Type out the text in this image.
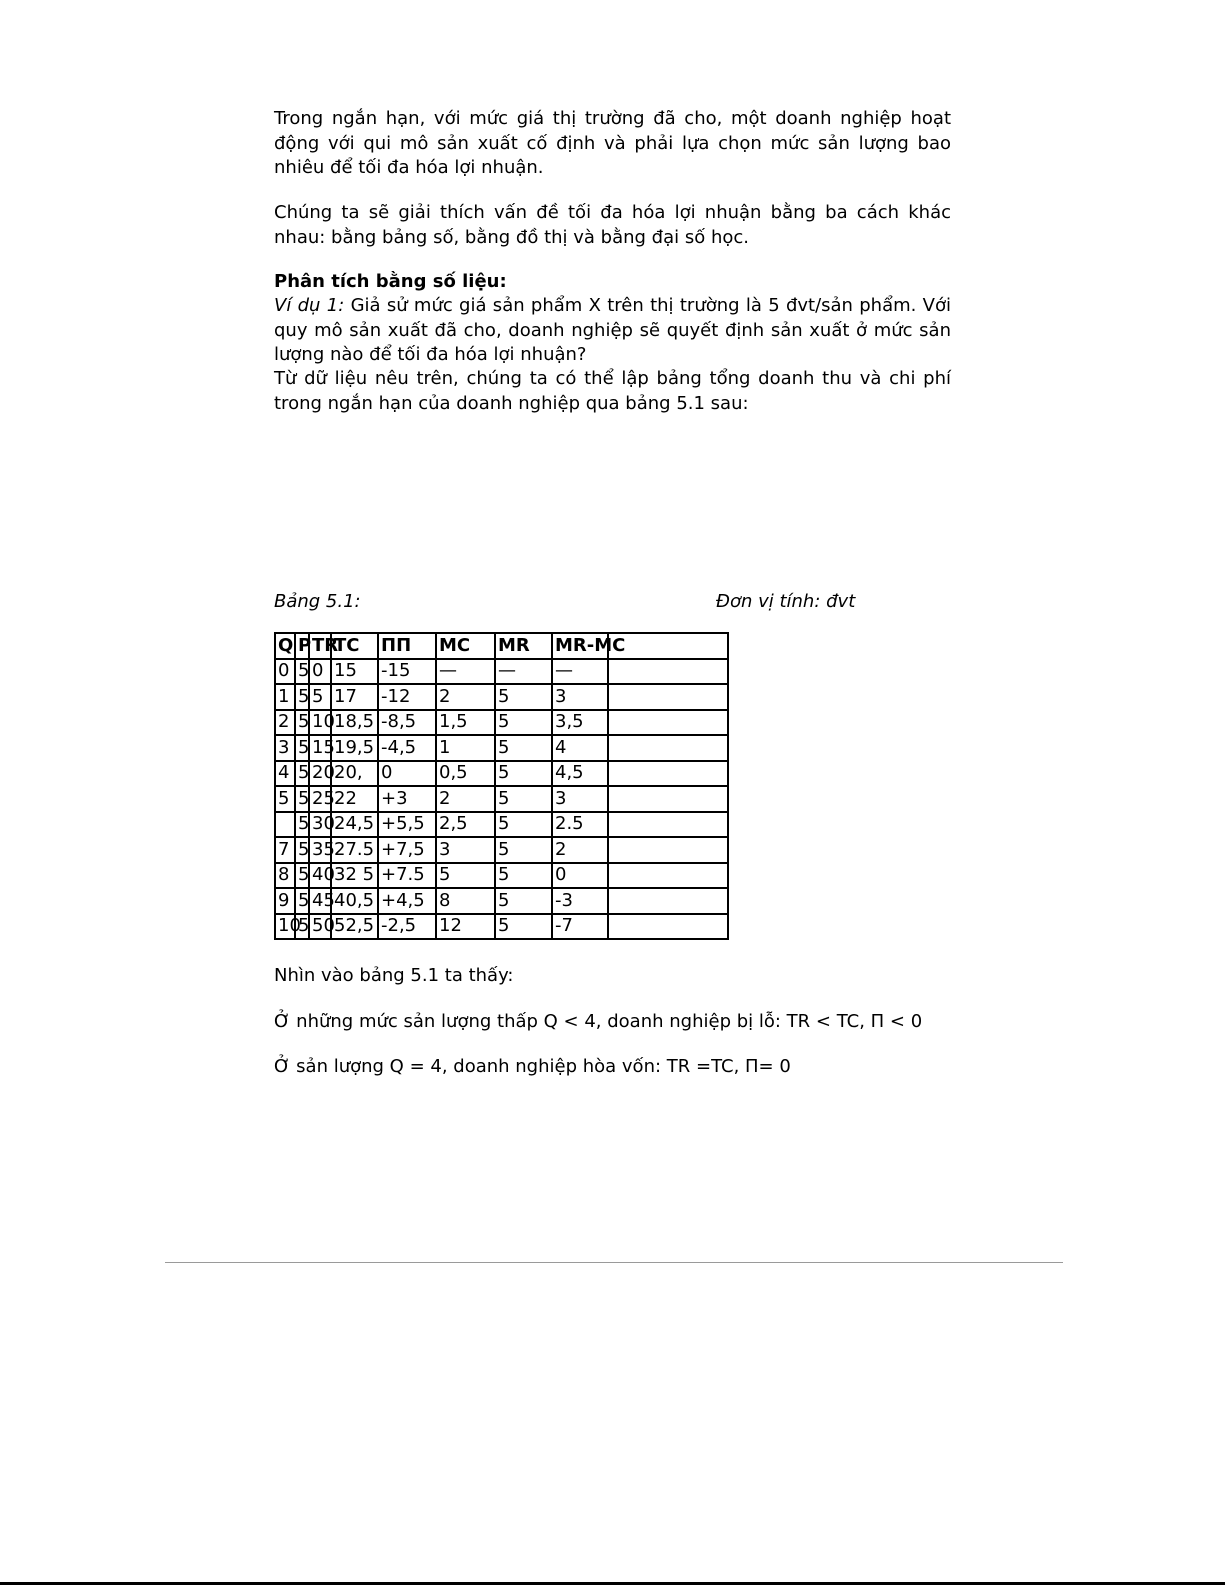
Trong ngắn hạn, với mức giá thị trường đã cho, một doanh nghiệp hoạt động với qui mô sản xuất cố định và phải lựa chọn mức sản lượng bao nhiêu để tối đa hóa lợi nhuận.

Chúng ta sẽ giải thích vấn đề tối đa hóa lợi nhuận bằng ba cách khác nhau: bằng bảng số, bằng đồ thị và bằng đại số học.

Phân tích bằng số liệu:

Ví dụ 1: Giả sử mức giá sản phẩm X trên thị trường là 5 đvt/sản phẩm. Với quy mô sản xuất đã cho, doanh nghiệp sẽ quyết định sản xuất ở mức sản lượng nào để tối đa hóa lợi nhuận?

Từ dữ liệu nêu trên, chúng ta có thể lập bảng tổng doanh thu và chi phí trong ngắn hạn của doanh nghiệp qua bảng 5.1 sau:

Bảng 5.1:	Đơn vị tính: đvt
Q	P	TR	TC	ΠΠ	MC	MR	MR-MC	
0	5	0	15	-15	—	—	—	
1	5	5	17	-12	2	5	3	
2	5	10	18,5	-8,5	1,5	5	3,5	
3	5	15	19,5	-4,5	1	5	4	
4	5	20	20,	0	0,5	5	4,5	
5	5	25	22	+3	2	5	3	
	5	30	24,5	+5,5	2,5	5	2.5	
7	5	35	27.5	+7,5	3	5	2	
8	5	40	32 5	+7.5	5	5	0	
9	5	45	40,5	+4,5	8	5	-3	
10	5	50	52,5	-2,5	12	5	-7	

Nhìn vào bảng 5.1 ta thấy:

Ở những mức sản lượng thấp Q < 4, doanh nghiệp bị lỗ: TR < TC, Π < 0

Ở sản lượng Q = 4, doanh nghiệp hòa vốn: TR =TC, Π= 0
